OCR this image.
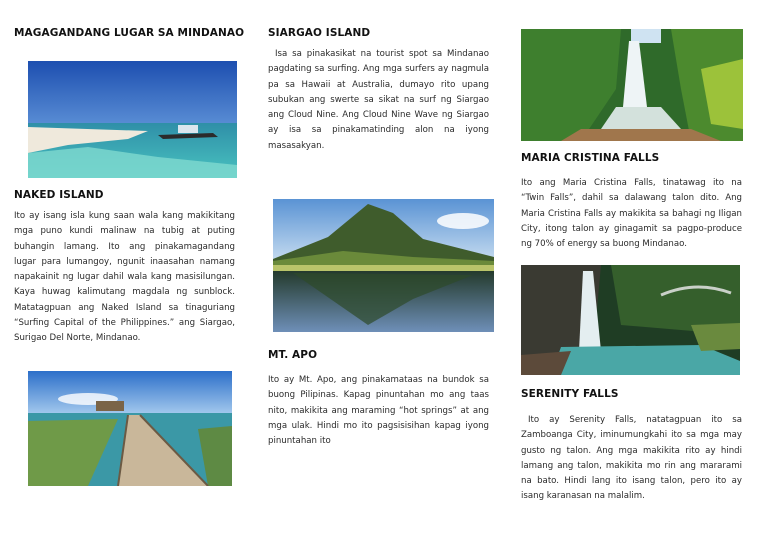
MAGAGANDANG LUGAR SA MINDANAO
NAKED ISLAND
Ito ay isang isla kung saan wala kang makikitang
mga puno kundi malinaw na tubig at puting
buhangin lamang. Ito ang pinakamagandang
lugar para lumangoy, ngunit inaasahan namang
napakainit ng lugar dahil wala kang masisilungan.
Kaya huwag kalimutang magdala ng sunblock.
Matatagpuan ang Naked Island sa tinaguriang
“Surfing Capital of the Philippines.” ang Siargao,
Surigao Del Norte, Mindanao.
SIARGAO ISLAND
Isa sa pinakasikat na tourist spot sa Mindanao
pagdating sa surfing. Ang mga surfers ay nagmula
pa sa Hawaii at Australia, dumayo rito upang
subukan ang swerte sa sikat na surf ng Siargao
ang Cloud Nine. Ang Cloud Nine Wave ng Siargao
ay isa sa pinakamatinding alon na iyong
masasakyan.
MT. APO
Ito ay Mt. Apo, ang pinakamataas na bundok sa
buong Pilipinas. Kapag pinuntahan mo ang taas
nito, makikita ang maraming “hot springs” at ang
mga ulak. Hindi mo ito pagsisisihan kapag iyong
pinuntahan ito
MARIA CRISTINA FALLS
Ito ang Maria Cristina Falls, tinatawag ito na
“Twin Falls”, dahil sa dalawang talon dito. Ang
Maria Cristina Falls ay makikita sa bahagi ng Iligan
City, itong talon ay ginagamit sa pagpo-produce
ng 70% of energy sa buong Mindanao.
SERENITY FALLS
Ito ay Serenity Falls, natatagpuan ito sa
Zamboanga City, iminumungkahi ito sa mga may
gusto ng talon. Ang mga makikita rito ay hindi
lamang ang talon, makikita mo rin ang mararami
na bato. Hindi lang ito isang talon, pero ito ay
isang karanasan na malalim.
